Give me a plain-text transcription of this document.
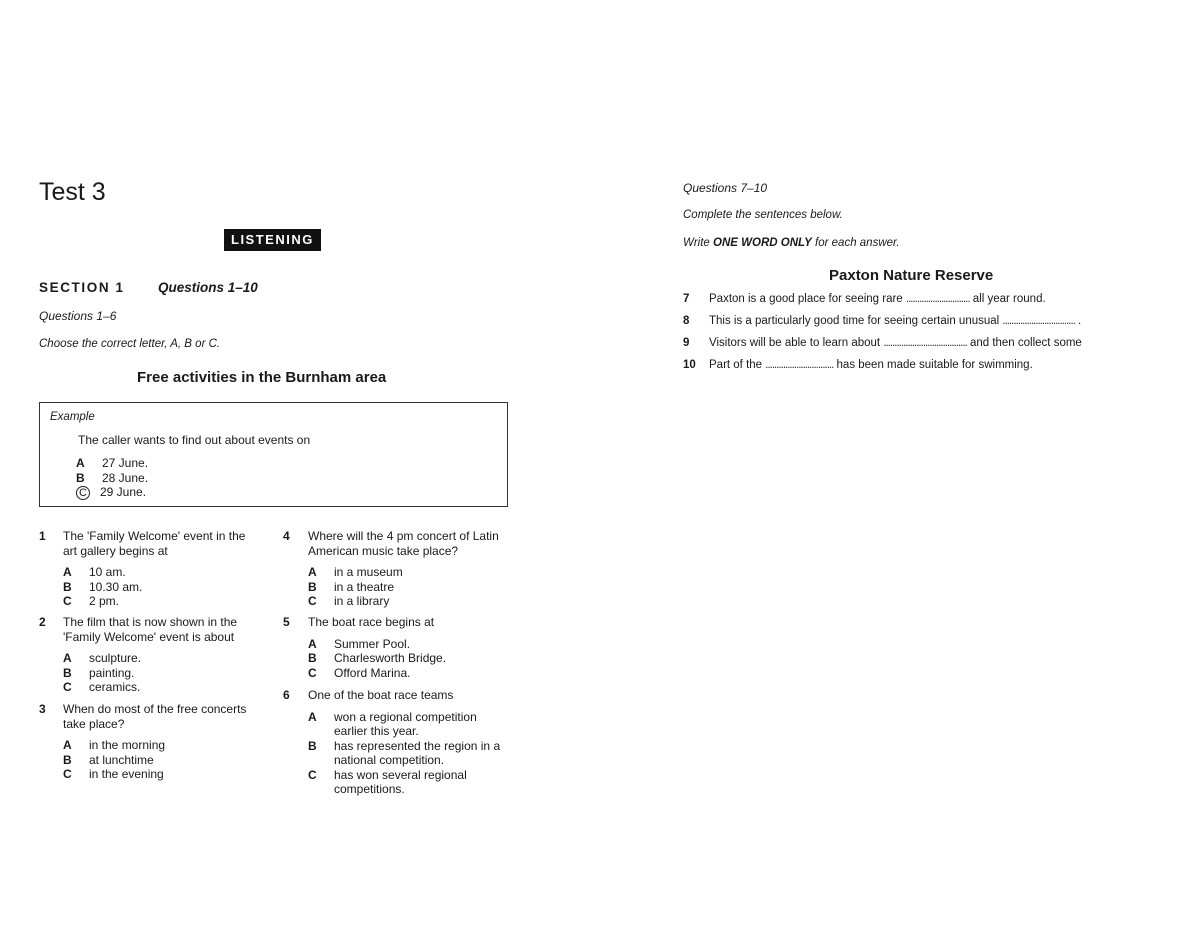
Test 3
LISTENING
SECTION 1 Questions 1–10
Questions 1–6
Choose the correct letter, A, B or C.
Free activities in the Burnham area
Example
The caller wants to find out about events on
A 27 June.
B 28 June.
C 29 June.
1	The 'Family Welcome' event in the art gallery begins at
A 10 am.
B 10.30 am.
C 2 pm.
2	The film that is now shown in the 'Family Welcome' event is about
A sculpture.
B painting.
C ceramics.
3	When do most of the free concerts take place?
A in the morning
B at lunchtime
C in the evening
4	Where will the 4 pm concert of Latin American music take place?
A in a museum
B in a theatre
C in a library
5	The boat race begins at
A Summer Pool.
B Charlesworth Bridge.
C Offord Marina.
6	One of the boat race teams
A	won a regional competition earlier this year.
B	has represented the region in a national competition.
C	has won several regional competitions.
Questions 7–10
Complete the sentences below.
Write ONE WORD ONLY for each answer.
Paxton Nature Reserve
7 Paxton is a good place for seeing rare ............................. all year round.
8 This is a particularly good time for seeing certain unusual ................................. .
9 Visitors will be able to learn about ...................................... and then collect some
10 Part of the ............................... has been made suitable for swimming.
